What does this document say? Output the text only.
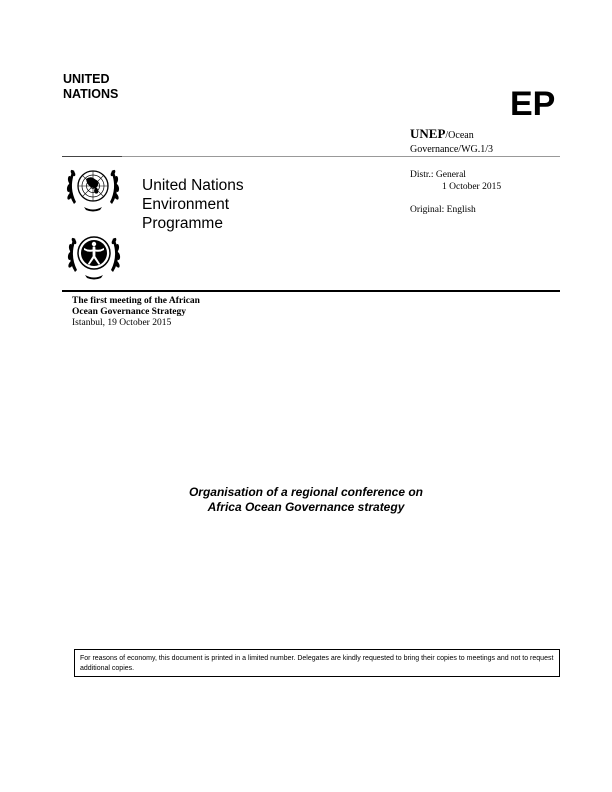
UNITED
NATIONS	EP
UNEP/Ocean
Governance/WG.1/3
United Nations
Environment
Programme
Distr.: General
1 October 2015
Original: English
The first meeting of the African
Ocean Governance Strategy
Istanbul, 19 October 2015
Organisation of a regional conference on
Africa Ocean Governance strategy
For reasons of economy, this document is printed in a limited number. Delegates are kindly requested to bring their copies to meetings and not to request additional copies.
